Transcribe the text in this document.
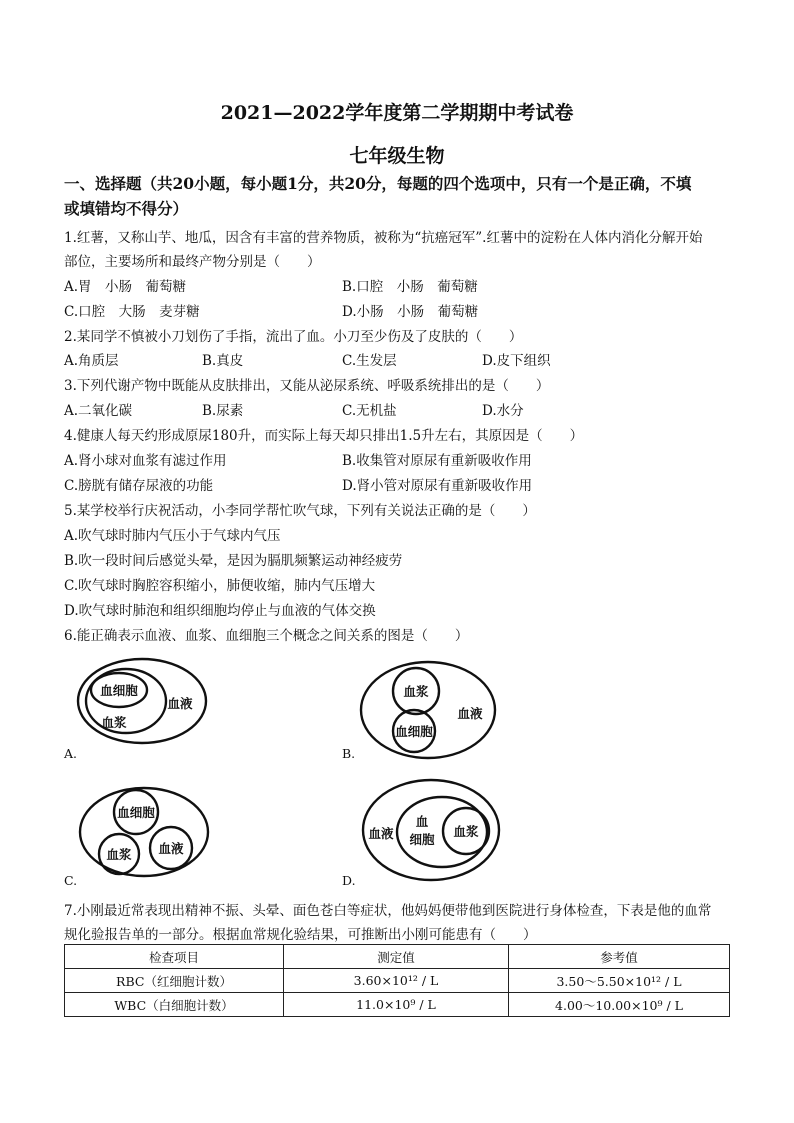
2021—2022学年度第二学期期中考试卷
七年级生物
一、选择题（共20小题，每小题1分，共20分，每题的四个选项中，只有一个是正确，不填
或填错均不得分）
1.红薯，又称山芋、地瓜，因含有丰富的营养物质，被称为“抗癌冠军”.红薯中的淀粉在人体内消化分解开始
部位，主要场所和最终产物分别是（　　）
A.胃　小肠　葡萄糖	B.口腔　小肠　葡萄糖
C.口腔　大肠　麦芽糖	D.小肠　小肠　葡萄糖
2.某同学不慎被小刀划伤了手指，流出了血。小刀至少伤及了皮肤的（　　）
A.角质层	B.真皮	C.生发层	D.皮下组织
3.下列代谢产物中既能从皮肤排出，又能从泌尿系统、呼吸系统排出的是（　　）
A.二氧化碳	B.尿素	C.无机盐	D.水分
4.健康人每天约形成原尿180升，而实际上每天却只排出1.5升左右，其原因是（　　）
A.肾小球对血浆有滤过作用	B.收集管对原尿有重新吸收作用
C.膀胱有储存尿液的功能	D.肾小管对原尿有重新吸收作用
5.某学校举行庆祝活动，小李同学帮忙吹气球，下列有关说法正确的是（　　）
A.吹气球时肺内气压小于气球内气压
B.吹一段时间后感觉头晕，是因为膈肌频繁运动神经疲劳
C.吹气球时胸腔容积缩小，肺便收缩，肺内气压增大
D.吹气球时肺泡和组织细胞均停止与血液的气体交换
6.能正确表示血液、血浆、血细胞三个概念之间关系的图是（　　）
血细胞
血浆
血液
A.
血浆
血细胞
血液
B.
血细胞
血浆 血液
C.
血液
血
细胞
血浆
D.
7.小刚最近常表现出精神不振、头晕、面色苍白等症状，他妈妈便带他到医院进行身体检查，下表是他的血常
规化验报告单的一部分。根据血常规化验结果，可推断出小刚可能患有（　　）
检查项目	测定值	参考值
RBC（红细胞计数）	3.60×10¹² / L	3.50～5.50×10¹² / L
WBC（白细胞计数）	11.0×10⁹ / L	4.00～10.00×10⁹ / L
